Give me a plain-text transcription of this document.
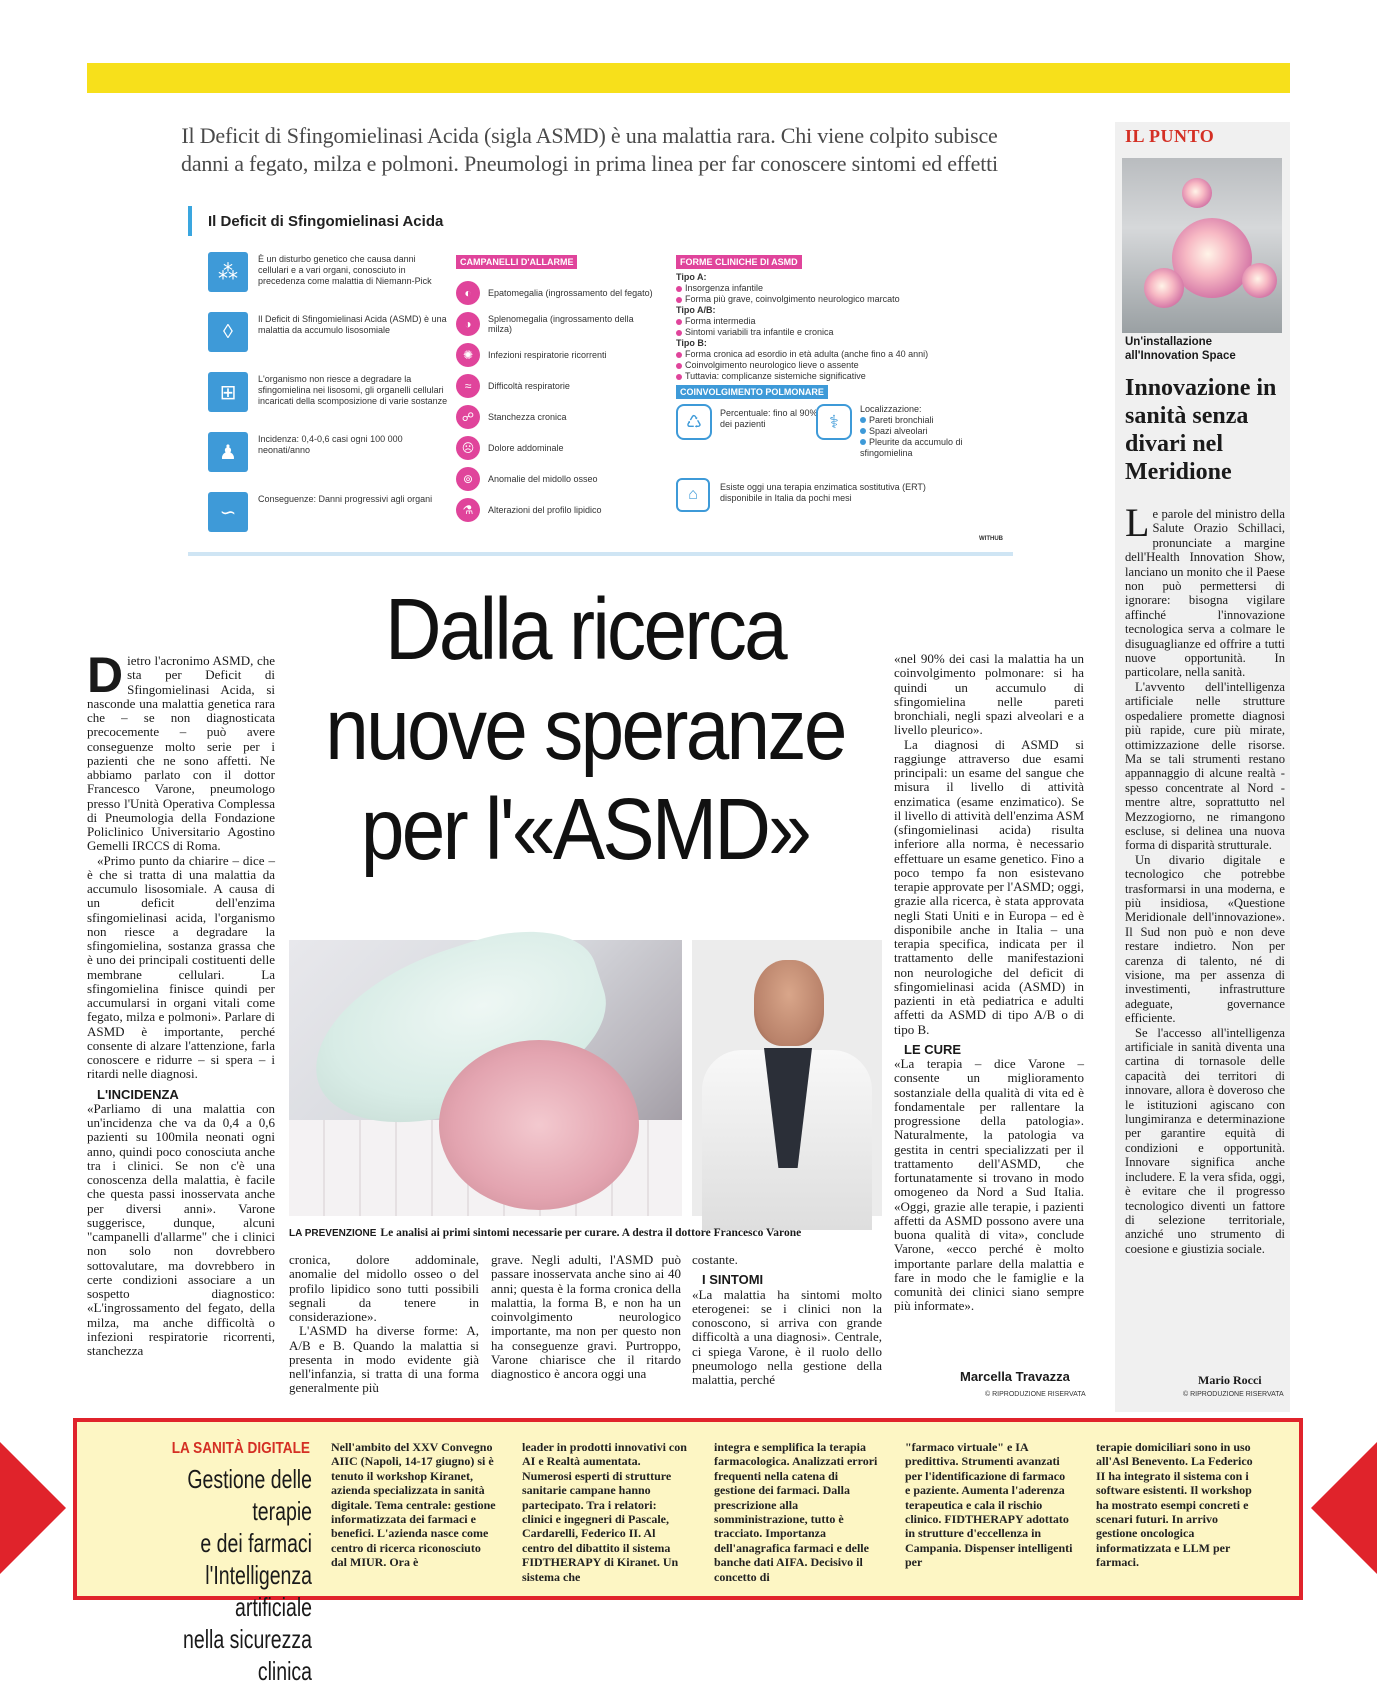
Il Deficit di Sfingomielinasi Acida (sigla ASMD) è una malattia rara. Chi viene colpito subisce
danni a fegato, milza e polmoni. Pneumologi in prima linea per far conoscere sintomi ed effetti
Il Deficit di Sfingomielinasi Acida
⁂
È un disturbo genetico che causa danni cellulari e a vari organi, conosciuto in precedenza come malattia di Niemann-Pick
◊
Il Deficit di Sfingomielinasi Acida (ASMD) è una malattia da accumulo lisosomiale
⊞
L'organismo non riesce a degradare la sfingomielina nei lisosomi, gli organelli cellulari incaricati della scomposizione di varie sostanze
♟
Incidenza: 0,4-0,6 casi ogni 100 000 neonati/anno
∽
Conseguenze: Danni progressivi agli organi
CAMPANELLI D'ALLARME
◐	Epatomegalia (ingrossamento del fegato)
◑	Splenomegalia (ingrossamento della milza)
✺	Infezioni respiratorie ricorrenti
≈	Difficoltà respiratorie
☍	Stanchezza cronica
☹	Dolore addominale
⊚	Anomalie del midollo osseo
⚗	Alterazioni del profilo lipidico
FORME CLINICHE DI ASMD
Tipo A:
Insorgenza infantile
Forma più grave, coinvolgimento neurologico marcato
Tipo A/B:
Forma intermedia
Sintomi variabili tra infantile e cronica
Tipo B:
Forma cronica ad esordio in età adulta (anche fino a 40 anni)
Coinvolgimento neurologico lieve o assente
Tuttavia: complicanze sistemiche significative
COINVOLGIMENTO POLMONARE
♺	Percentuale: fino al 90% dei pazienti	⚕
Localizzazione:
Pareti bronchiali
Spazi alveolari
Pleurite da accumulo di sfingomielina
⌂	Esiste oggi una terapia enzimatica sostitutiva (ERT) disponibile in Italia da pochi mesi
WITHUB
Dalla ricerca
nuove speranze
per l'«ASMD»

Dietro l'acronimo ASMD, che sta per Deficit di Sfingomielinasi Acida, si nasconde una malattia genetica rara che – se non diagnosticata precocemente – può avere conseguenze molto serie per i pazienti che ne sono affetti. Ne abbiamo parlato con il dottor Francesco Varone, pneumologo presso l'Unità Operativa Complessa di Pneumologia della Fondazione Policlinico Universitario Agostino Gemelli IRCCS di Roma.

«Primo punto da chiarire – dice – è che si tratta di una malattia da accumulo lisosomiale. A causa di un deficit dell'enzima sfingomielinasi acida, l'organismo non riesce a degradare la sfingomielina, sostanza grassa che è uno dei principali costituenti delle membrane cellulari. La sfingomielina finisce quindi per accumularsi in organi vitali come fegato, milza e polmoni». Parlare di ASMD è importante, perché consente di alzare l'attenzione, farla conoscere e ridurre – si spera – i ritardi nelle diagnosi.

L'INCIDENZA

«Parliamo di una malattia con un'incidenza che va da 0,4 a 0,6 pazienti su 100mila neonati ogni anno, quindi poco conosciuta anche tra i clinici. Se non c'è una conoscenza della malattia, è facile che questa passi inosservata anche per diversi anni». Varone suggerisce, dunque, alcuni "campanelli d'allarme" che i clinici non solo non dovrebbero sottovalutare, ma dovrebbero in certe condizioni associare a un sospetto diagnostico: «L'ingrossamento del fegato, della milza, ma anche difficoltà o infezioni respiratorie ricorrenti, stanchezza

LA PREVENZIONE Le analisi ai primi sintomi necessarie per curare. A destra il dottore Francesco Varone

cronica, dolore addominale, anomalie del midollo osseo o del profilo lipidico sono tutti possibili segnali da tenere in considerazione».

L'ASMD ha diverse forme: A, A/B e B. Quando la malattia si presenta in modo evidente già nell'infanzia, si tratta di una forma generalmente più

grave. Negli adulti, l'ASMD può passare inosservata anche sino ai 40 anni; questa è la forma cronica della malattia, la forma B, e non ha un coinvolgimento neurologico importante, ma non per questo non ha conseguenze gravi. Purtroppo, Varone chiarisce che il ritardo diagnostico è ancora oggi una

costante.

I SINTOMI

«La malattia ha sintomi molto eterogenei: se i clinici non la conoscono, si arriva con grande difficoltà a una diagnosi». Centrale, ci spiega Varone, è il ruolo dello pneumologo nella gestione della malattia, perché

«nel 90% dei casi la malattia ha un coinvolgimento polmonare: si ha quindi un accumulo di sfingomielina nelle pareti bronchiali, negli spazi alveolari e a livello pleurico».

La diagnosi di ASMD si raggiunge attraverso due esami principali: un esame del sangue che misura il livello di attività enzimatica (esame enzimatico). Se il livello di attività dell'enzima ASM (sfingomielinasi acida) risulta inferiore alla norma, è necessario effettuare un esame genetico. Fino a poco tempo fa non esistevano terapie approvate per l'ASMD; oggi, grazie alla ricerca, è stata approvata negli Stati Uniti e in Europa – ed è disponibile anche in Italia – una terapia specifica, indicata per il trattamento delle manifestazioni non neurologiche del deficit di sfingomielinasi acida (ASMD) in pazienti in età pediatrica e adulti affetti da ASMD di tipo A/B o di tipo B.

LE CURE

«La terapia – dice Varone – consente un miglioramento sostanziale della qualità di vita ed è fondamentale per rallentare la progressione della patologia». Naturalmente, la patologia va gestita in centri specializzati per il trattamento dell'ASMD, che fortunatamente si trovano in modo omogeneo da Nord a Sud Italia. «Oggi, grazie alle terapie, i pazienti affetti da ASMD possono avere una buona qualità di vita», conclude Varone, «ecco perché è molto importante parlare della malattia e fare in modo che le famiglie e la comunità dei clinici siano sempre più informate».

Marcella Travazza
© RIPRODUZIONE RISERVATA
IL PUNTO
Un'installazione all'Innovation Space
Innovazione in sanità senza divari nel Meridione

Le parole del ministro della Salute Orazio Schillaci, pronunciate a margine dell'Health Innovation Show, lanciano un monito che il Paese non può permettersi di ignorare: bisogna vigilare affinché l'innovazione tecnologica serva a colmare le disuguaglianze ed offrire a tutti nuove opportunità. In particolare, nella sanità.

L'avvento dell'intelligenza artificiale nelle strutture ospedaliere promette diagnosi più rapide, cure più mirate, ottimizzazione delle risorse. Ma se tali strumenti restano appannaggio di alcune realtà - spesso concentrate al Nord - mentre altre, soprattutto nel Mezzogiorno, ne rimangono escluse, si delinea una nuova forma di disparità strutturale.

Un divario digitale e tecnologico che potrebbe trasformarsi in una moderna, e più insidiosa, «Questione Meridionale dell'innovazione». Il Sud non può e non deve restare indietro. Non per carenza di talento, né di visione, ma per assenza di investimenti, infrastrutture adeguate, governance efficiente.

Se l'accesso all'intelligenza artificiale in sanità diventa una cartina di tornasole delle capacità dei territori di innovare, allora è doveroso che le istituzioni agiscano con lungimiranza e determinazione per garantire equità di condizioni e opportunità. Innovare significa anche includere. E la vera sfida, oggi, è evitare che il progresso tecnologico diventi un fattore di selezione territoriale, anziché uno strumento di coesione e giustizia sociale.

Mario Rocci
© RIPRODUZIONE RISERVATA
LA SANITÀ DIGITALE
Gestione delle terapie
e dei farmaci
l'Intelligenza artificiale
nella sicurezza clinica
Nell'ambito del XXV Convegno AIIC (Napoli, 14-17 giugno) si è tenuto il workshop Kiranet, azienda specializzata in sanità digitale. Tema centrale: gestione informatizzata dei farmaci e benefici. L'azienda nasce come centro di ricerca riconosciuto dal MIUR. Ora è
leader in prodotti innovativi con AI e Realtà aumentata. Numerosi esperti di strutture sanitarie campane hanno partecipato. Tra i relatori: clinici e ingegneri di Pascale, Cardarelli, Federico II. Al centro del dibattito il sistema FIDTHERAPY di Kiranet. Un sistema che
integra e semplifica la terapia farmacologica. Analizzati errori frequenti nella catena di gestione dei farmaci. Dalla prescrizione alla somministrazione, tutto è tracciato. Importanza dell'anagrafica farmaci e delle banche dati AIFA. Decisivo il concetto di
"farmaco virtuale" e IA predittiva. Strumenti avanzati per l'identificazione di farmaco e paziente. Aumenta l'aderenza terapeutica e cala il rischio clinico. FIDTHERAPY adottato in strutture d'eccellenza in Campania. Dispenser intelligenti per
terapie domiciliari sono in uso all'Asl Benevento. La Federico II ha integrato il sistema con i software esistenti. Il workshop ha mostrato esempi concreti e scenari futuri. In arrivo gestione oncologica informatizzata e LLM per farmaci.
